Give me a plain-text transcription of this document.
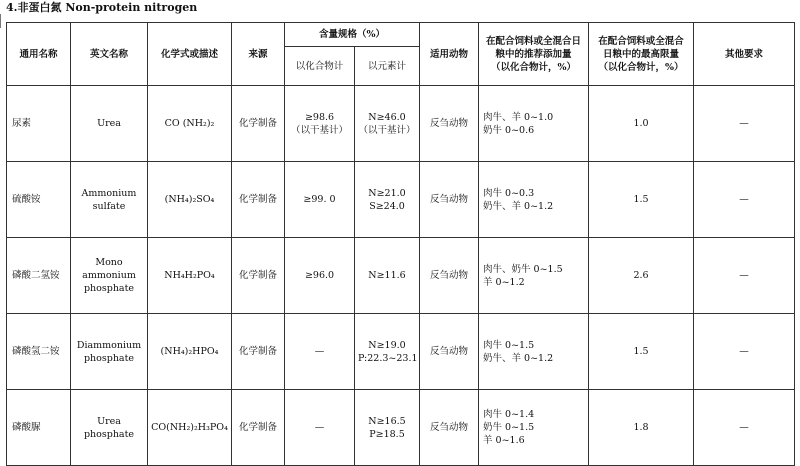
4.非蛋白氮 Non-protein nitrogen
通用名称	英文名称	化学式或描述	来源	含量规格（%）		适用动物	在配合饲料或全混合日
粮中的推荐添加量
（以化合物计，%）	在配合饲料或全混合
日粮中的最高限量
（以化合物计，%）	其他要求
				以化合物计	以元素计				
尿素	Urea	CO (NH₂)₂	化学制备	≥98.6
（以干基计）	N≥46.0
（以干基计）	反刍动物	肉牛、羊 0~1.0
奶牛 0~0.6	1.0	—
硫酸铵	Ammonium
sulfate	(NH₄)₂SO₄	化学制备	≥99. 0	N≥21.0
S≥24.0	反刍动物	肉牛 0~0.3
奶牛、羊 0~1.2	1.5	—
磷酸二氢铵	Mono ammonium
phosphate	NH₄H₂PO₄	化学制备	≥96.0	N≥11.6	反刍动物	肉牛、奶牛 0~1.5
羊 0~1.2	2.6	—
磷酸氢二铵	Diammonium
phosphate	(NH₄)₂HPO₄	化学制备	—	N≥19.0
P:22.3~23.1	反刍动物	肉牛 0~1.5
奶牛、羊 0~1.2	1.5	—
磷酸脲	Urea phosphate	CO(NH₂)₂H₃PO₄	化学制备	—	N≥16.5
P≥18.5	反刍动物	肉牛 0~1.4
奶牛 0~1.5
羊 0~1.6	1.8	—
